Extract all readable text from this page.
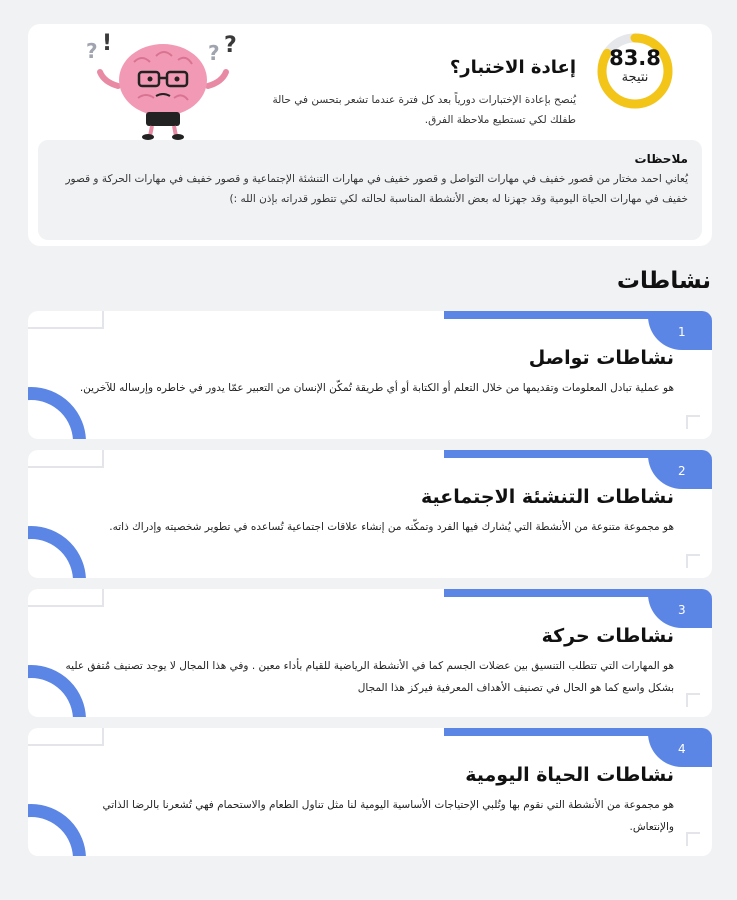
83.8
نتيجة
إعادة الاختبار؟
يُنصح بإعادة الإختبارات دورياً بعد كل فترة عندما تشعر بتحسن في حالة طفلك لكي تستطيع ملاحظة الفرق.
? !	? ?
ملاحظات
يُعاني احمد مختار من قصور خفيف في مهارات التواصل و قصور خفيف في مهارات التنشئة الإجتماعية و قصور خفيف في مهارات الحركة و قصور خفيف في مهارات الحياة اليومية وقد جهزنا له بعض الأنشطة المناسبة لحالته لكي تتطور قدراته بإذن الله :)
نشاطات
1
نشاطات تواصل
هو عملية تبادل المعلومات وتقديمها من خلال التعلم أو الكتابة أو أي طريقة تُمكّن الإنسان من التعبير عمّا يدور في خاطره وإرساله للآخرين.
2
نشاطات التنشئة الاجتماعية
هو مجموعة متنوعة من الأنشطة التي يُشارك فيها الفرد وتمكّنه من إنشاء علاقات اجتماعية تُساعده في تطوير شخصيته وإدراك ذاته.
3
نشاطات حركة
هو المهارات التي تتطلب التنسيق بين عضلات الجسم كما في الأنشطة الرياضية للقيام بأداء معين . وفي هذا المجال لا يوجد تصنيف مُتفق عليه بشكل واسع كما هو الحال في تصنيف الأهداف المعرفية فيركز هذا المجال
4
نشاطات الحياة اليومية
هو مجموعة من الأنشطة التي نقوم بها وتُلبي الإحتياجات الأساسية اليومية لنا مثل تناول الطعام والاستحمام فهي تُشعرنا بالرضا الذاتي والإنتعاش.
